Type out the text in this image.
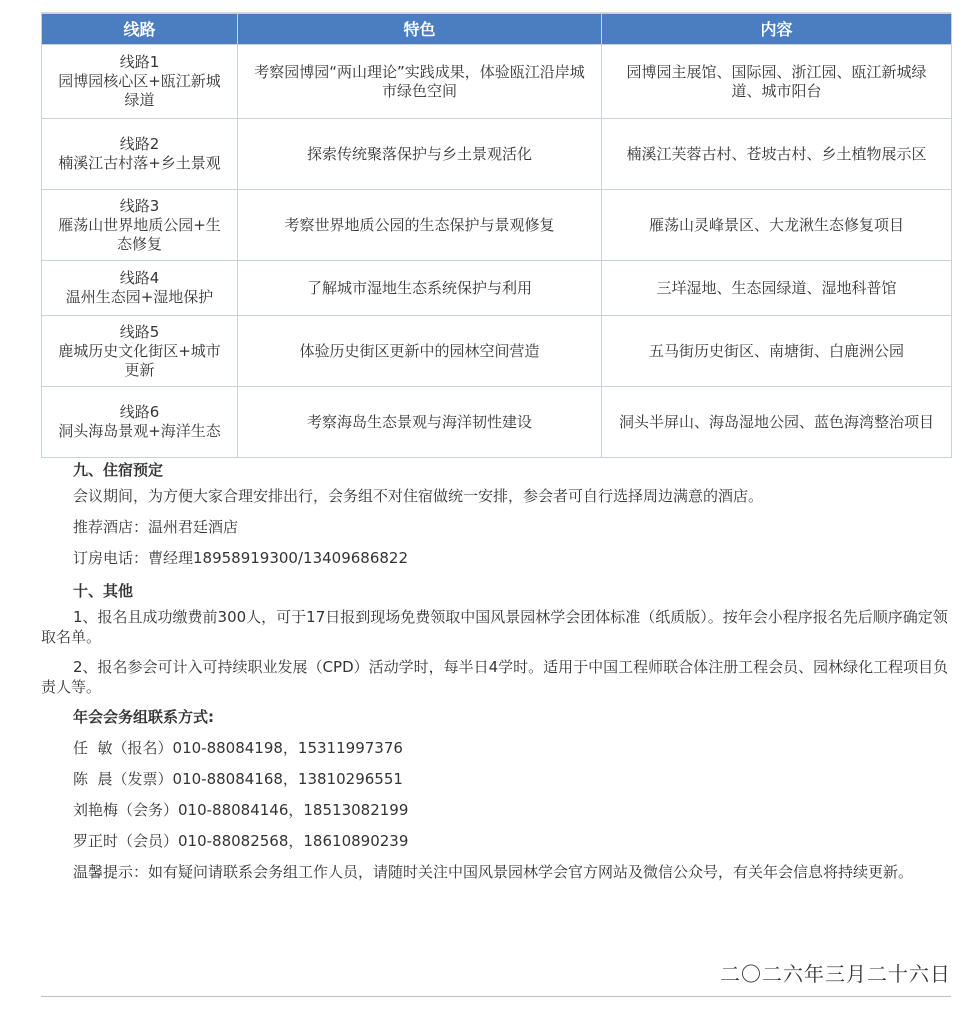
线路	特色	内容
线路1
园博园核心区+瓯江新城绿道	考察园博园“两山理论”实践成果，体验瓯江沿岸城市绿色空间	园博园主展馆、国际园、浙江园、瓯江新城绿道、城市阳台
线路2
楠溪江古村落+乡土景观	探索传统聚落保护与乡土景观活化	楠溪江芙蓉古村、苍坡古村、乡土植物展示区
线路3
雁荡山世界地质公园+生态修复	考察世界地质公园的生态保护与景观修复	雁荡山灵峰景区、大龙湫生态修复项目
线路4
温州生态园+湿地保护	了解城市湿地生态系统保护与利用	三垟湿地、生态园绿道、湿地科普馆
线路5
鹿城历史文化街区+城市更新	体验历史街区更新中的园林空间营造	五马街历史街区、南塘街、白鹿洲公园
线路6
洞头海岛景观+海洋生态	考察海岛生态景观与海洋韧性建设	洞头半屏山、海岛湿地公园、蓝色海湾整治项目
九、住宿预定

会议期间，为方便大家合理安排出行，会务组不对住宿做统一安排，参会者可自行选择周边满意的酒店。

推荐酒店：温州君廷酒店

订房电话：曹经理18958919300/13409686822

十、其他

1、报名且成功缴费前300人，可于17日报到现场免费领取中国风景园林学会团体标准（纸质版）。按年会小程序报名先后顺序确定领取名单。

2、报名参会可计入可持续职业发展（CPD）活动学时，每半日4学时。适用于中国工程师联合体注册工程会员、园林绿化工程项目负责人等。

年会会务组联系方式:

任  敏（报名）010-88084198，15311997376

陈  晨（发票）010-88084168，13810296551

刘艳梅（会务）010-88084146，18513082199

罗正时（会员）010-88082568，18610890239

温馨提示：如有疑问请联系会务组工作人员，请随时关注中国风景园林学会官方网站及微信公众号，有关年会信息将持续更新。

二〇二六年三月二十六日
